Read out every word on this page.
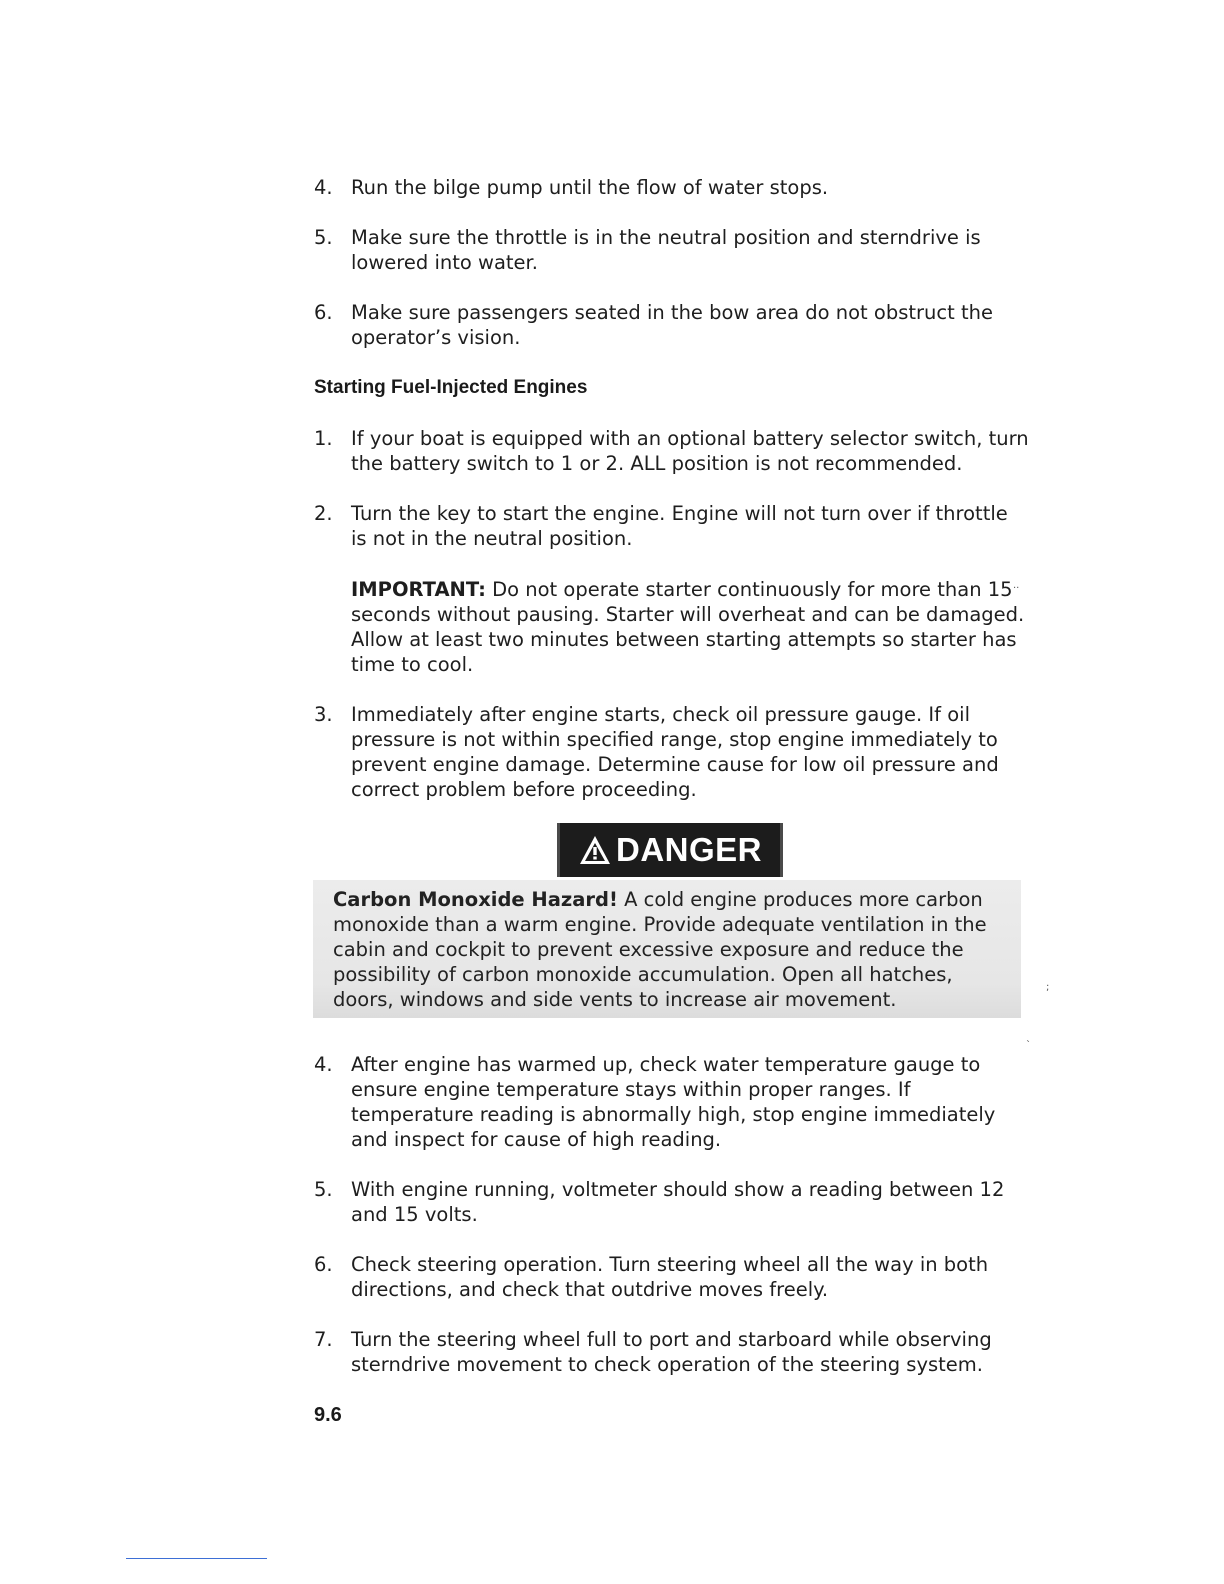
4. Run the bilge pump until the flow of water stops.
5. Make sure the throttle is in the neutral position and sterndrive is lowered into water.
6. Make sure passengers seated in the bow area do not obstruct the operator’s vision.
Starting Fuel-Injected Engines
1. If your boat is equipped with an optional battery selector switch, turn the battery switch to 1 or 2. ALL position is not recommended.
2. Turn the key to start the engine. Engine will not turn over if throttle is not in the neutral position.
IMPORTANT: Do not operate starter continuously for more than 15 seconds without pausing. Starter will overheat and can be damaged. Allow at least two minutes between starting attempts so starter has time to cool.
3. Immediately after engine starts, check oil pressure gauge. If oil pressure is not within specified range, stop engine immediately to prevent engine damage. Determine cause for low oil pressure and correct problem before proceeding.
DANGER
Carbon Monoxide Hazard! A cold engine produces more carbon monoxide than a warm engine. Provide adequate ventilation in the cabin and cockpit to prevent excessive exposure and reduce the possibility of carbon monoxide accumulation. Open all hatches, doors, windows and side vents to increase air movement.
4. After engine has warmed up, check water temperature gauge to ensure engine temperature stays within proper ranges. If temperature reading is abnormally high, stop engine immediately and inspect for cause of high reading.
5. With engine running, voltmeter should show a reading between 12 and 15 volts.
6. Check steering operation. Turn steering wheel all the way in both directions, and check that outdrive moves freely.
7. Turn the steering wheel full to port and starboard while observing sterndrive movement to check operation of the steering system.
9.6
..
;
`
